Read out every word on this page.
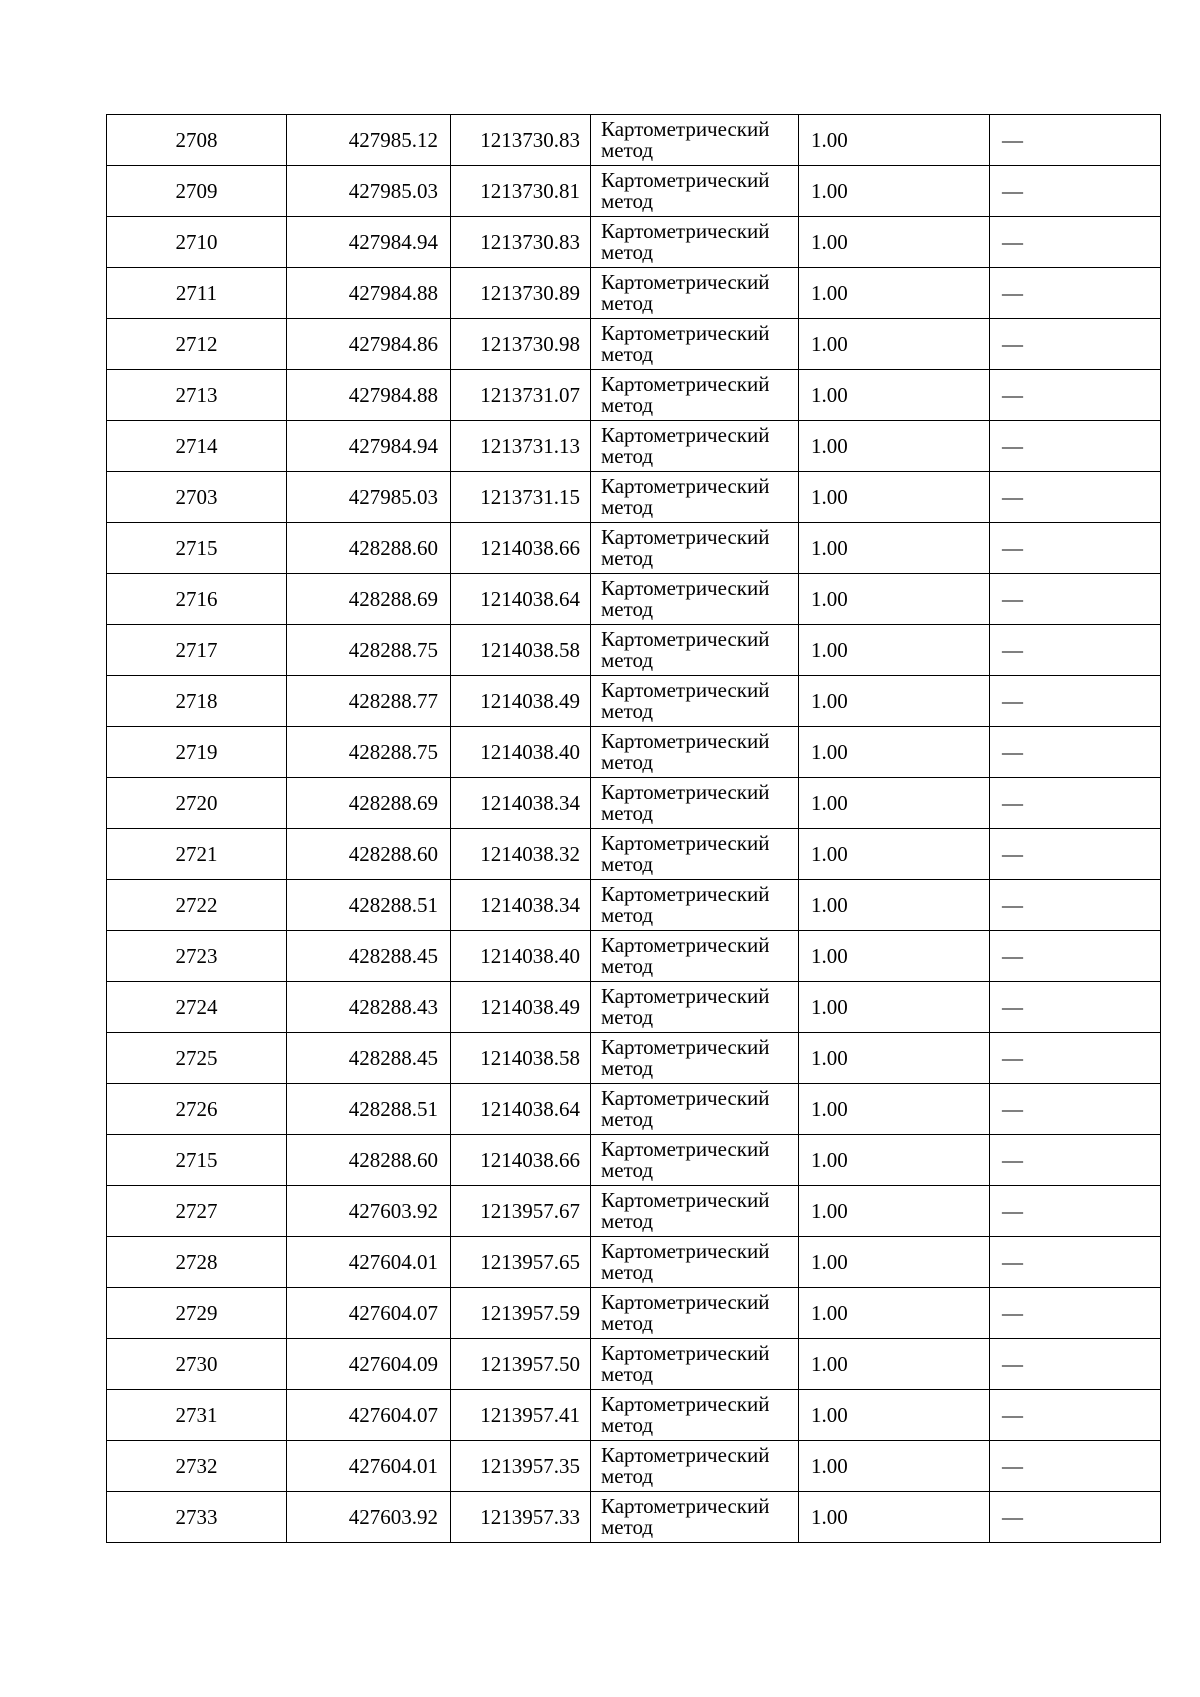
2708	427985.12	1213730.83	Картометрический
метод	1.00	—
2709	427985.03	1213730.81	Картометрический
метод	1.00	—
2710	427984.94	1213730.83	Картометрический
метод	1.00	—
2711	427984.88	1213730.89	Картометрический
метод	1.00	—
2712	427984.86	1213730.98	Картометрический
метод	1.00	—
2713	427984.88	1213731.07	Картометрический
метод	1.00	—
2714	427984.94	1213731.13	Картометрический
метод	1.00	—
2703	427985.03	1213731.15	Картометрический
метод	1.00	—
2715	428288.60	1214038.66	Картометрический
метод	1.00	—
2716	428288.69	1214038.64	Картометрический
метод	1.00	—
2717	428288.75	1214038.58	Картометрический
метод	1.00	—
2718	428288.77	1214038.49	Картометрический
метод	1.00	—
2719	428288.75	1214038.40	Картометрический
метод	1.00	—
2720	428288.69	1214038.34	Картометрический
метод	1.00	—
2721	428288.60	1214038.32	Картометрический
метод	1.00	—
2722	428288.51	1214038.34	Картометрический
метод	1.00	—
2723	428288.45	1214038.40	Картометрический
метод	1.00	—
2724	428288.43	1214038.49	Картометрический
метод	1.00	—
2725	428288.45	1214038.58	Картометрический
метод	1.00	—
2726	428288.51	1214038.64	Картометрический
метод	1.00	—
2715	428288.60	1214038.66	Картометрический
метод	1.00	—
2727	427603.92	1213957.67	Картометрический
метод	1.00	—
2728	427604.01	1213957.65	Картометрический
метод	1.00	—
2729	427604.07	1213957.59	Картометрический
метод	1.00	—
2730	427604.09	1213957.50	Картометрический
метод	1.00	—
2731	427604.07	1213957.41	Картометрический
метод	1.00	—
2732	427604.01	1213957.35	Картометрический
метод	1.00	—
2733	427603.92	1213957.33	Картометрический
метод	1.00	—
